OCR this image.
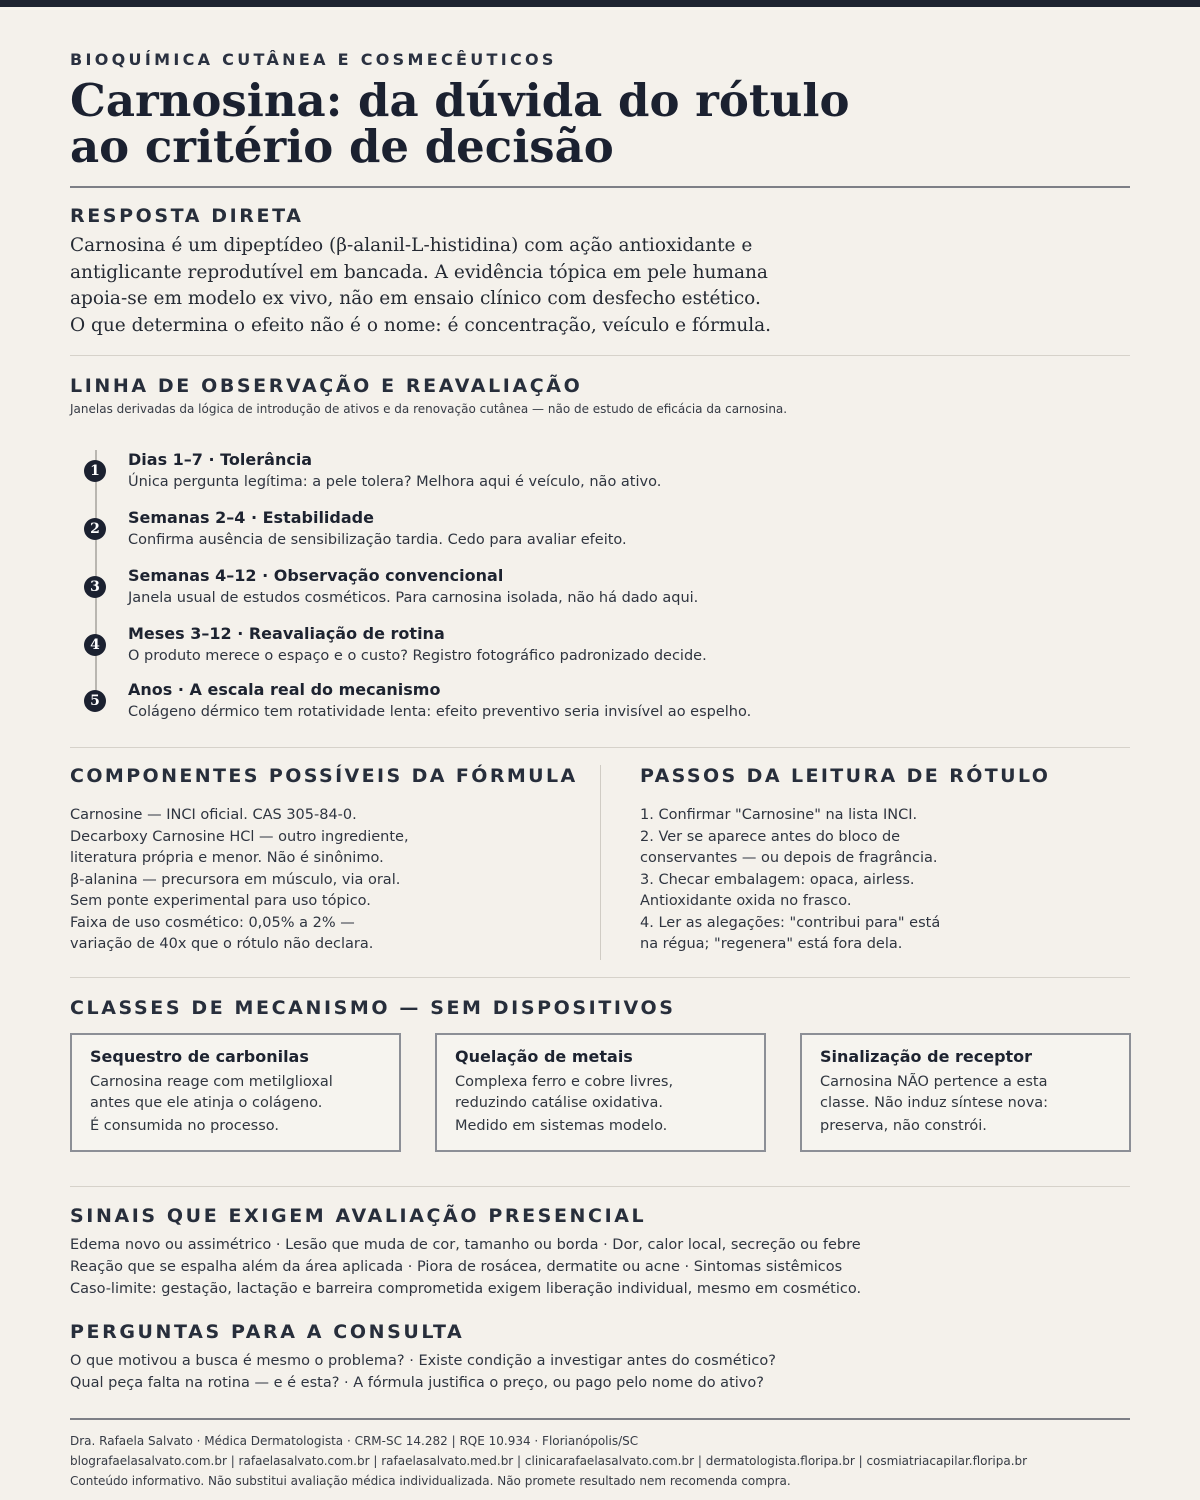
BIOQUÍMICA CUTÂNEA E COSMECÊUTICOS
Carnosina: da dúvida do rótulo
ao critério de decisão
RESPOSTA DIRETA
Carnosina é um dipeptídeo (β-alanil-L-histidina) com ação antioxidante e
antiglicante reprodutível em bancada. A evidência tópica em pele humana
apoia-se em modelo ex vivo, não em ensaio clínico com desfecho estético.
O que determina o efeito não é o nome: é concentração, veículo e fórmula.
LINHA DE OBSERVAÇÃO E REAVALIAÇÃO
Janelas derivadas da lógica de introdução de ativos e da renovação cutânea — não de estudo de eficácia da carnosina.
1
Dias 1–7 · Tolerância
Única pergunta legítima: a pele tolera? Melhora aqui é veículo, não ativo.
2
Semanas 2–4 · Estabilidade
Confirma ausência de sensibilização tardia. Cedo para avaliar efeito.
3
Semanas 4–12 · Observação convencional
Janela usual de estudos cosméticos. Para carnosina isolada, não há dado aqui.
4
Meses 3–12 · Reavaliação de rotina
O produto merece o espaço e o custo? Registro fotográfico padronizado decide.
5
Anos · A escala real do mecanismo
Colágeno dérmico tem rotatividade lenta: efeito preventivo seria invisível ao espelho.
COMPONENTES POSSÍVEIS DA FÓRMULA

Carnosine — INCI oficial. CAS 305-84-0.

Decarboxy Carnosine HCl — outro ingrediente,
literatura própria e menor. Não é sinônimo.

β-alanina — precursora em músculo, via oral.
Sem ponte experimental para uso tópico.

Faixa de uso cosmético: 0,05% a 2% —
variação de 40x que o rótulo não declara.

PASSOS DA LEITURA DE RÓTULO

1. Confirmar "Carnosine" na lista INCI.

2. Ver se aparece antes do bloco de
conservantes — ou depois de fragrância.

3. Checar embalagem: opaca, airless.
Antioxidante oxida no frasco.

4. Ler as alegações: "contribui para" está
na régua; "regenera" está fora dela.

CLASSES DE MECANISMO — SEM DISPOSITIVOS
Sequestro de carbonilas
Carnosina reage com metilglioxal
antes que ele atinja o colágeno.
É consumida no processo.
Quelação de metais
Complexa ferro e cobre livres,
reduzindo catálise oxidativa.
Medido em sistemas modelo.
Sinalização de receptor
Carnosina NÃO pertence a esta
classe. Não induz síntese nova:
preserva, não constrói.
SINAIS QUE EXIGEM AVALIAÇÃO PRESENCIAL
Edema novo ou assimétrico · Lesão que muda de cor, tamanho ou borda · Dor, calor local, secreção ou febre
Reação que se espalha além da área aplicada · Piora de rosácea, dermatite ou acne · Sintomas sistêmicos
Caso-limite: gestação, lactação e barreira comprometida exigem liberação individual, mesmo em cosmético.
PERGUNTAS PARA A CONSULTA
O que motivou a busca é mesmo o problema? · Existe condição a investigar antes do cosmético?
Qual peça falta na rotina — e é esta? · A fórmula justifica o preço, ou pago pelo nome do ativo?
Dra. Rafaela Salvato · Médica Dermatologista · CRM-SC 14.282 | RQE 10.934 · Florianópolis/SC
blografaelasalvato.com.br | rafaelasalvato.com.br | rafaelasalvato.med.br | clinicarafaelasalvato.com.br | dermatologista.floripa.br | cosmiatriacapilar.floripa.br
Conteúdo informativo. Não substitui avaliação médica individualizada. Não promete resultado nem recomenda compra.
